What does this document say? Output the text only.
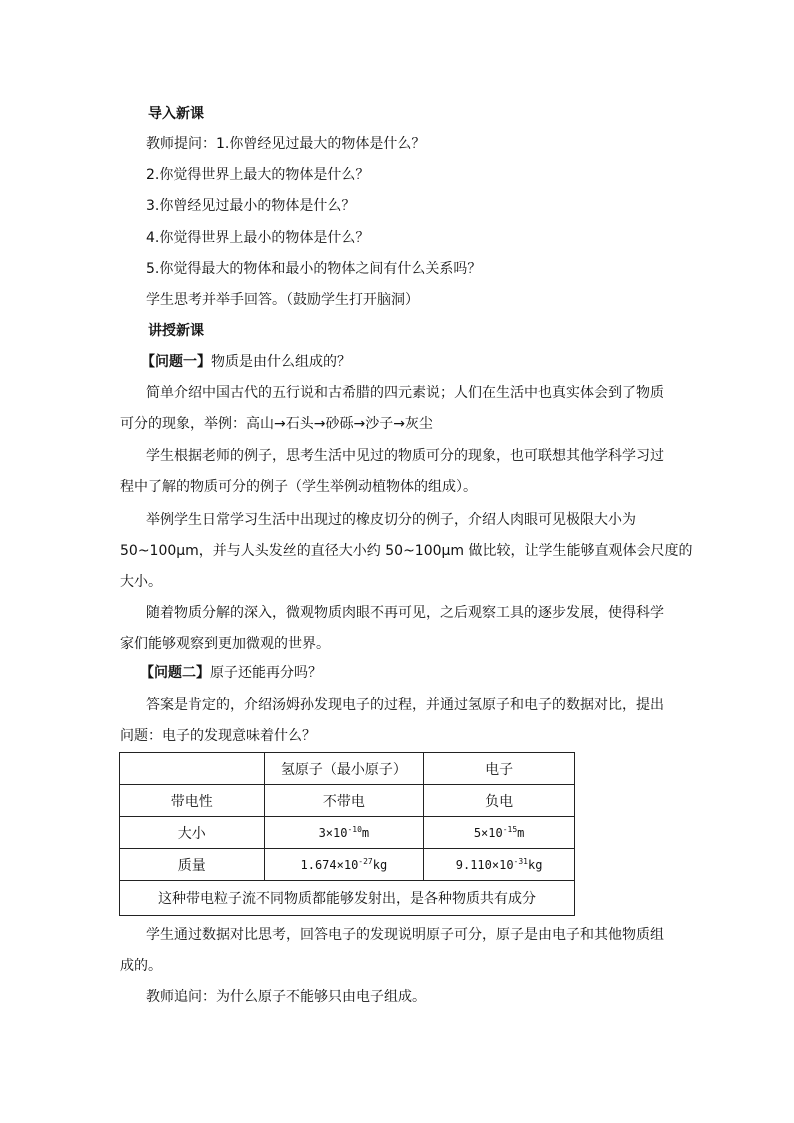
导入新课
教师提问：1.你曾经见过最大的物体是什么？
2.你觉得世界上最大的物体是什么？
3.你曾经见过最小的物体是什么？
4.你觉得世界上最小的物体是什么？
5.你觉得最大的物体和最小的物体之间有什么关系吗？
学生思考并举手回答。（鼓励学生打开脑洞）
讲授新课
【问题一】物质是由什么组成的？
简单介绍中国古代的五行说和古希腊的四元素说；人们在生活中也真实体会到了物质
可分的现象，举例：高山→石头→砂砾→沙子→灰尘
学生根据老师的例子，思考生活中见过的物质可分的现象，也可联想其他学科学习过
程中了解的物质可分的例子（学生举例动植物体的组成）。
举例学生日常学习生活中出现过的橡皮切分的例子，介绍人肉眼可见极限大小为
50~100μm，并与人头发丝的直径大小约 50~100μm 做比较，让学生能够直观体会尺度的
大小。
随着物质分解的深入，微观物质肉眼不再可见，之后观察工具的逐步发展，使得科学
家们能够观察到更加微观的世界。
【问题二】原子还能再分吗？
答案是肯定的，介绍汤姆孙发现电子的过程，并通过氢原子和电子的数据对比，提出
问题：电子的发现意味着什么？
	氢原子（最小原子）	电子
带电性	不带电	负电
大小	$3\times 10^{-10}m$	$5\times 10^{-15}m$
质量	$1.674\times 10^{-27}kg$	$9.110\times 10^{-31}kg$
这种带电粒子流不同物质都能够发射出，是各种物质共有成分		
学生通过数据对比思考，回答电子的发现说明原子可分，原子是由电子和其他物质组
成的。
教师追问：为什么原子不能够只由电子组成。
